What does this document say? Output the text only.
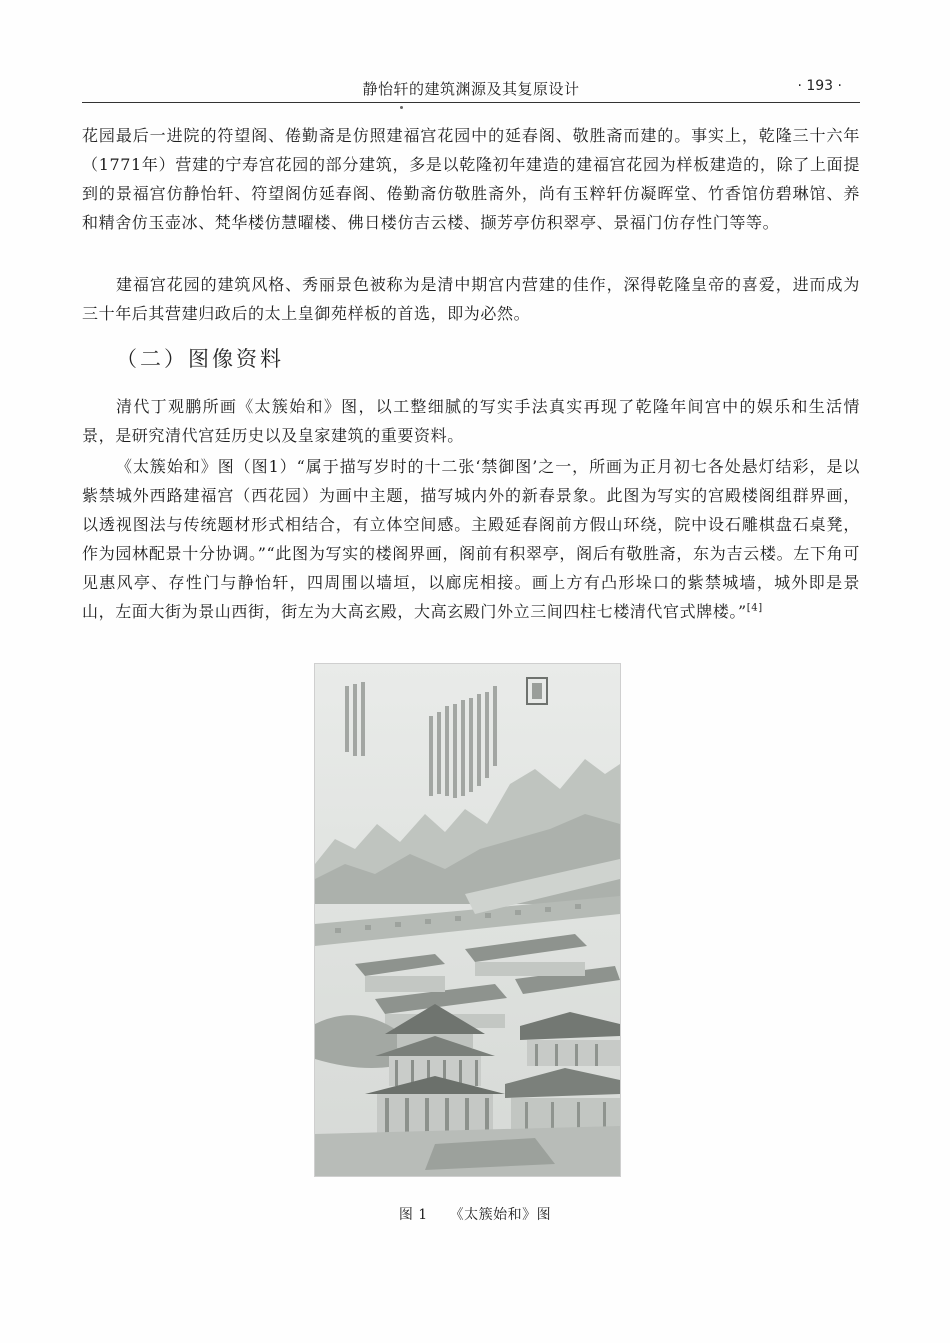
静怡轩的建筑渊源及其复原设计	· 193 ·

花园最后一进院的符望阁、倦勤斋是仿照建福宫花园中的延春阁、敬胜斋而建的。事实上，乾隆三十六年（1771年）营建的宁寿宫花园的部分建筑，多是以乾隆初年建造的建福宫花园为样板建造的，除了上面提到的景福宫仿静怡轩、符望阁仿延春阁、倦勤斋仿敬胜斋外，尚有玉粹轩仿凝晖堂、竹香馆仿碧琳馆、养和精舍仿玉壶冰、梵华楼仿慧曜楼、佛日楼仿吉云楼、撷芳亭仿积翠亭、景福门仿存性门等等。

建福宫花园的建筑风格、秀丽景色被称为是清中期宫内营建的佳作，深得乾隆皇帝的喜爱，进而成为三十年后其营建归政后的太上皇御苑样板的首选，即为必然。

（二）图像资料

清代丁观鹏所画《太簇始和》图，以工整细腻的写实手法真实再现了乾隆年间宫中的娱乐和生活情景，是研究清代宫廷历史以及皇家建筑的重要资料。

《太簇始和》图（图1）“属于描写岁时的十二张‘禁御图’之一，所画为正月初七各处悬灯结彩，是以紫禁城外西路建福宫（西花园）为画中主题，描写城内外的新春景象。此图为写实的宫殿楼阁组群界画，以透视图法与传统题材形式相结合，有立体空间感。主殿延春阁前方假山环绕，院中设石雕棋盘石桌凳，作为园林配景十分协调。”“此图为写实的楼阁界画，阁前有积翠亭，阁后有敬胜斋，东为吉云楼。左下角可见惠风亭、存性门与静怡轩，四周围以墙垣，以廊庑相接。画上方有凸形垛口的紫禁城墙，城外即是景山，左面大街为景山西街，街左为大高玄殿，大高玄殿门外立三间四柱七楼清代官式牌楼。”[4]

图 1 《太簇始和》图
